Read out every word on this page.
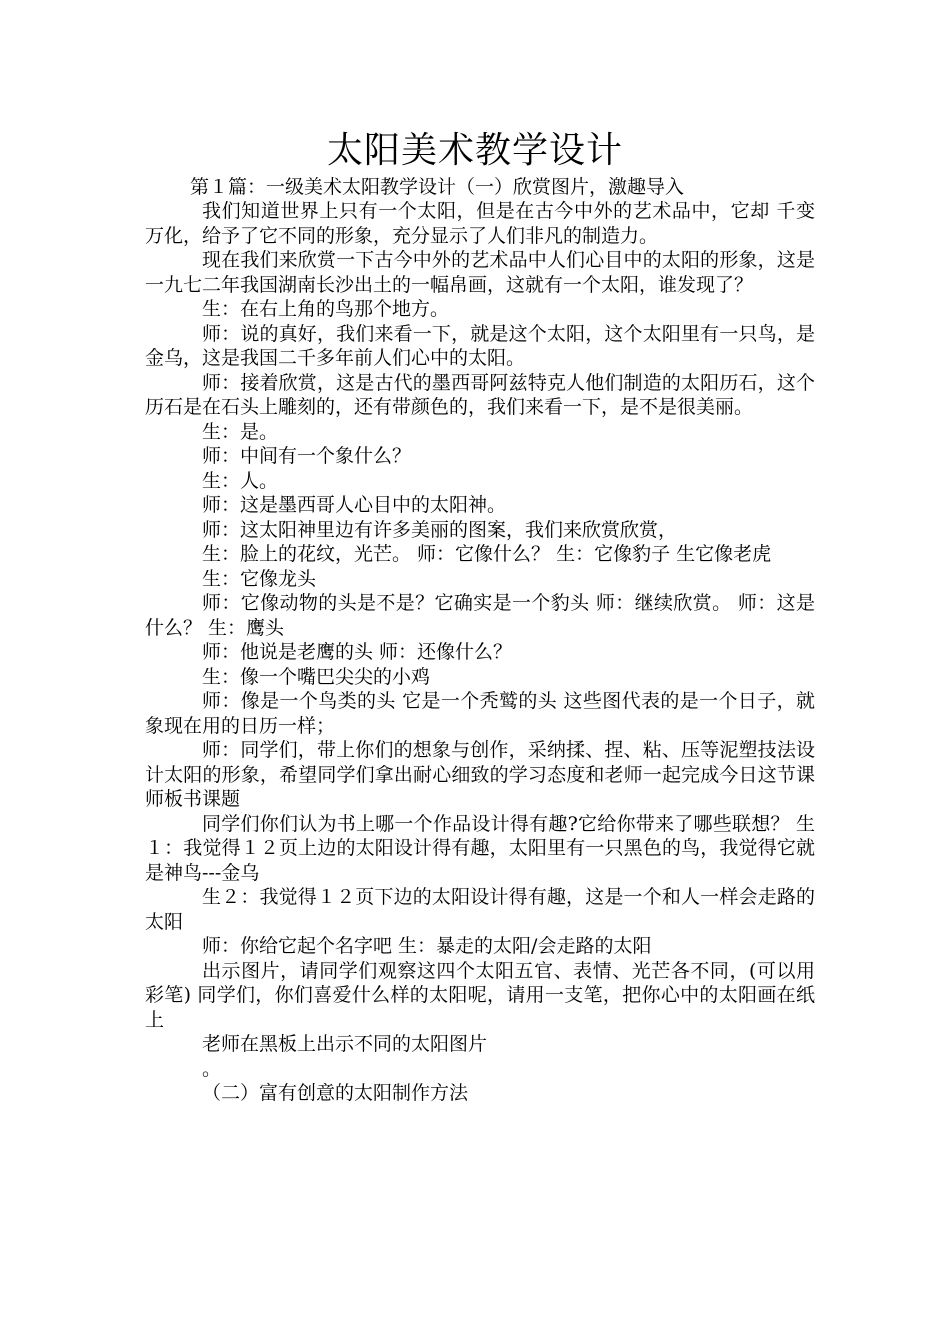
太阳美术教学设计
第１篇：一级美术太阳教学设计（一）欣赏图片，激趣导入

我们知道世界上只有一个太阳，但是在古今中外的艺术品中，它却 千变万化，给予了它不同的形象，充分显示了人们非凡的制造力。

现在我们来欣赏一下古今中外的艺术品中人们心目中的太阳的形象，这是一九七二年我国湖南长沙出土的一幅帛画，这就有一个太阳，谁发现了？

生：在右上角的鸟那个地方。

师：说的真好，我们来看一下，就是这个太阳，这个太阳里有一只鸟，是金乌，这是我国二千多年前人们心中的太阳。

师：接着欣赏，这是古代的墨西哥阿兹特克人他们制造的太阳历石，这个历石是在石头上雕刻的，还有带颜色的，我们来看一下，是不是很美丽。

生：是。

师：中间有一个象什么？

生：人。

师：这是墨西哥人心目中的太阳神。

师：这太阳神里边有许多美丽的图案，我们来欣赏欣赏，

生：脸上的花纹，光芒。 师：它像什么？ 生：它像豹子 生它像老虎

生：它像龙头

师：它像动物的头是不是？它确实是一个豹头 师：继续欣赏。 师：这是什么？ 生：鹰头

师：他说是老鹰的头 师：还像什么？

生：像一个嘴巴尖尖的小鸡

师：像是一个鸟类的头 它是一个秃鹫的头 这些图代表的是一个日子，就象现在用的日历一样；

师：同学们，带上你们的想象与创作，采纳揉、捏、粘、压等泥塑技法设计太阳的形象，希望同学们拿出耐心细致的学习态度和老师一起完成今日这节课 师板书课题

同学们你们认为书上哪一个作品设计得有趣?它给你带来了哪些联想？ 生１：我觉得１２页上边的太阳设计得有趣，太阳里有一只黑色的鸟，我觉得它就是神鸟---金乌

生２：我觉得１２页下边的太阳设计得有趣，这是一个和人一样会走路的太阳

师：你给它起个名字吧 生：暴走的太阳/会走路的太阳

出示图片，请同学们观察这四个太阳五官、表情、光芒各不同，(可以用彩笔) 同学们，你们喜爱什么样的太阳呢，请用一支笔，把你心中的太阳画在纸上

老师在黑板上出示不同的太阳图片

。

（二）富有创意的太阳制作方法
